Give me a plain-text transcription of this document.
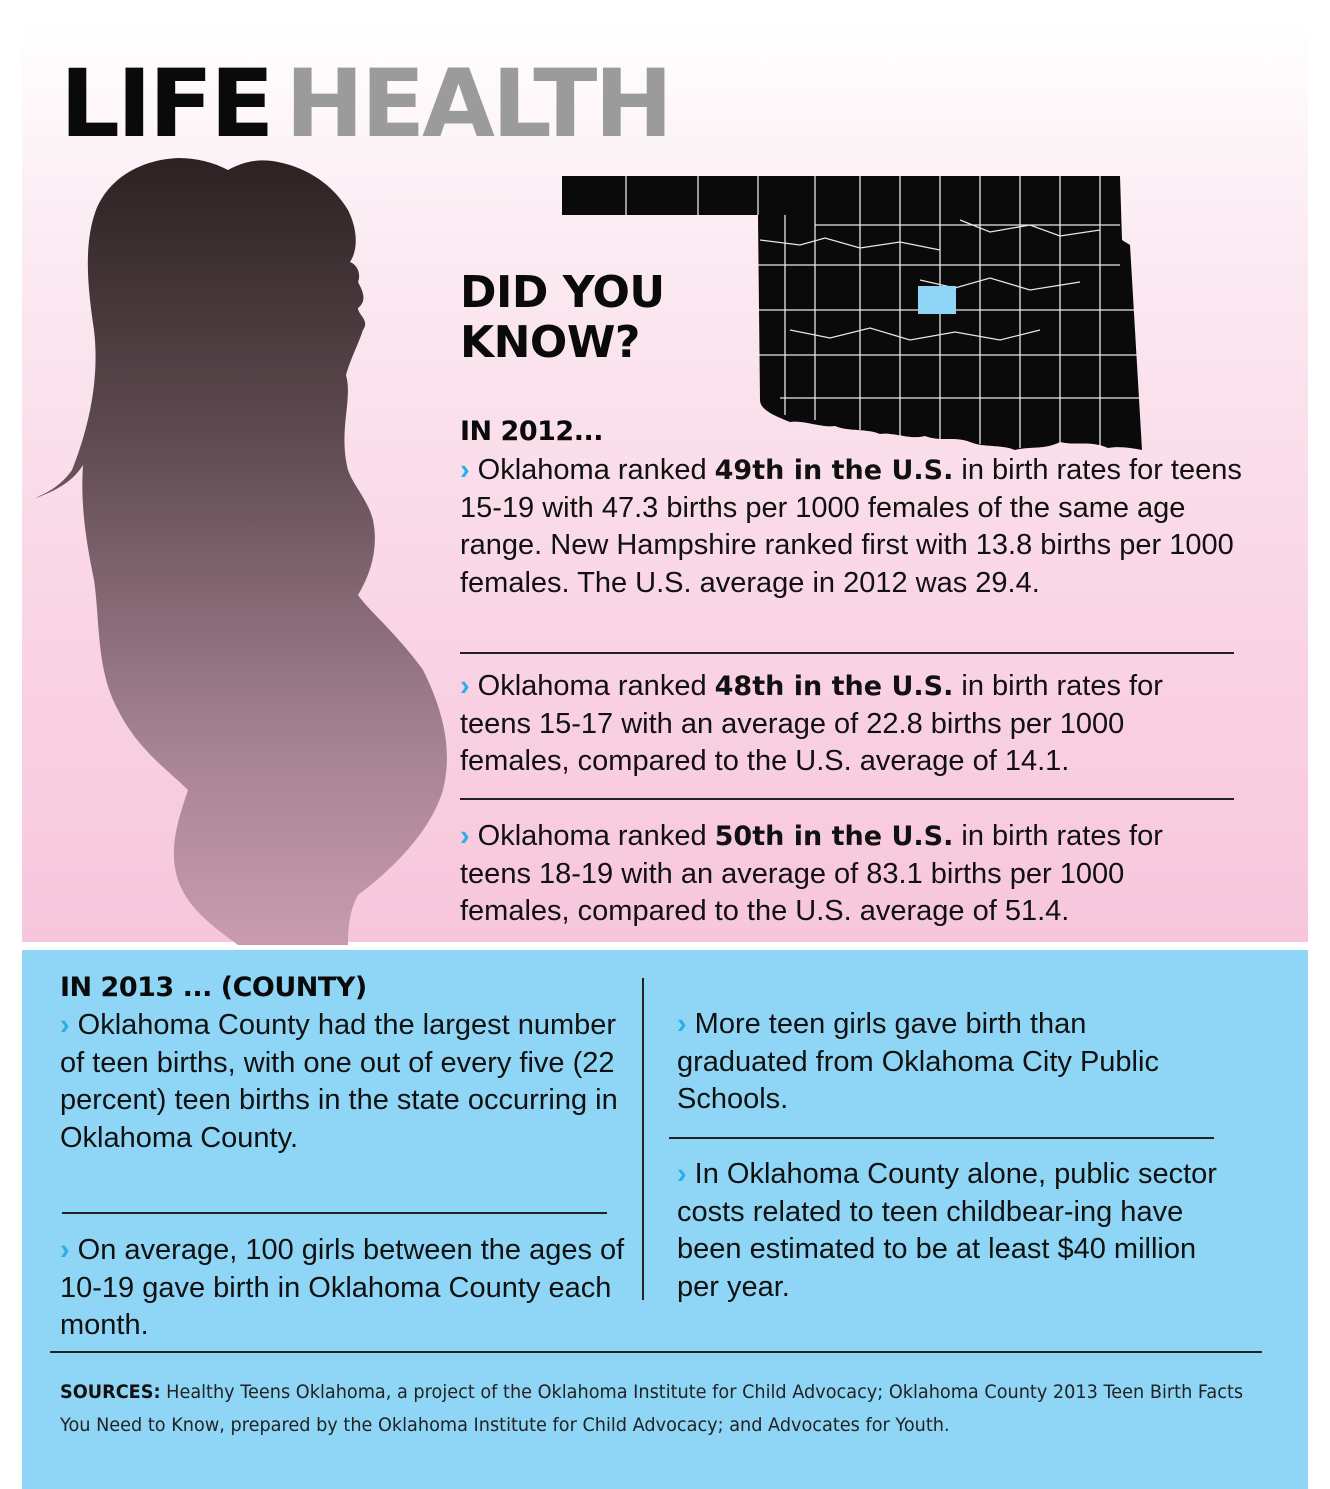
LIFE HEALTH
DID YOU
KNOW?
IN 2012...

› Oklahoma ranked 49th in the U.S. in birth rates for teens 15-19 with 47.3 births per 1000 females of the same age range. New Hampshire ranked first with 13.8 births per 1000 females. The U.S. average in 2012 was 29.4.

› Oklahoma ranked 48th in the U.S. in birth rates for teens 15-17 with an average of 22.8 births per 1000 females, compared to the U.S. average of 14.1.

› Oklahoma ranked 50th in the U.S. in birth rates for teens 18-19 with an average of 83.1 births per 1000 females, compared to the U.S. average of 51.4.

IN 2013 ... (COUNTY)

› Oklahoma County had the largest number of teen births, with one out of every five (22 percent) teen births in the state occurring in Oklahoma County.

› On average, 100 girls between the ages of 10-19 gave birth in Oklahoma County each month.

› More teen girls gave birth than graduated from Oklahoma City Public Schools.

› In Oklahoma County alone, public sector costs related to teen childbear-ing have been estimated to be at least $40 million per year.

SOURCES: Healthy Teens Oklahoma, a project of the Oklahoma Institute for Child Advocacy; Oklahoma County 2013 Teen Birth Facts You Need to Know, prepared by the Oklahoma Institute for Child Advocacy; and Advocates for Youth.
